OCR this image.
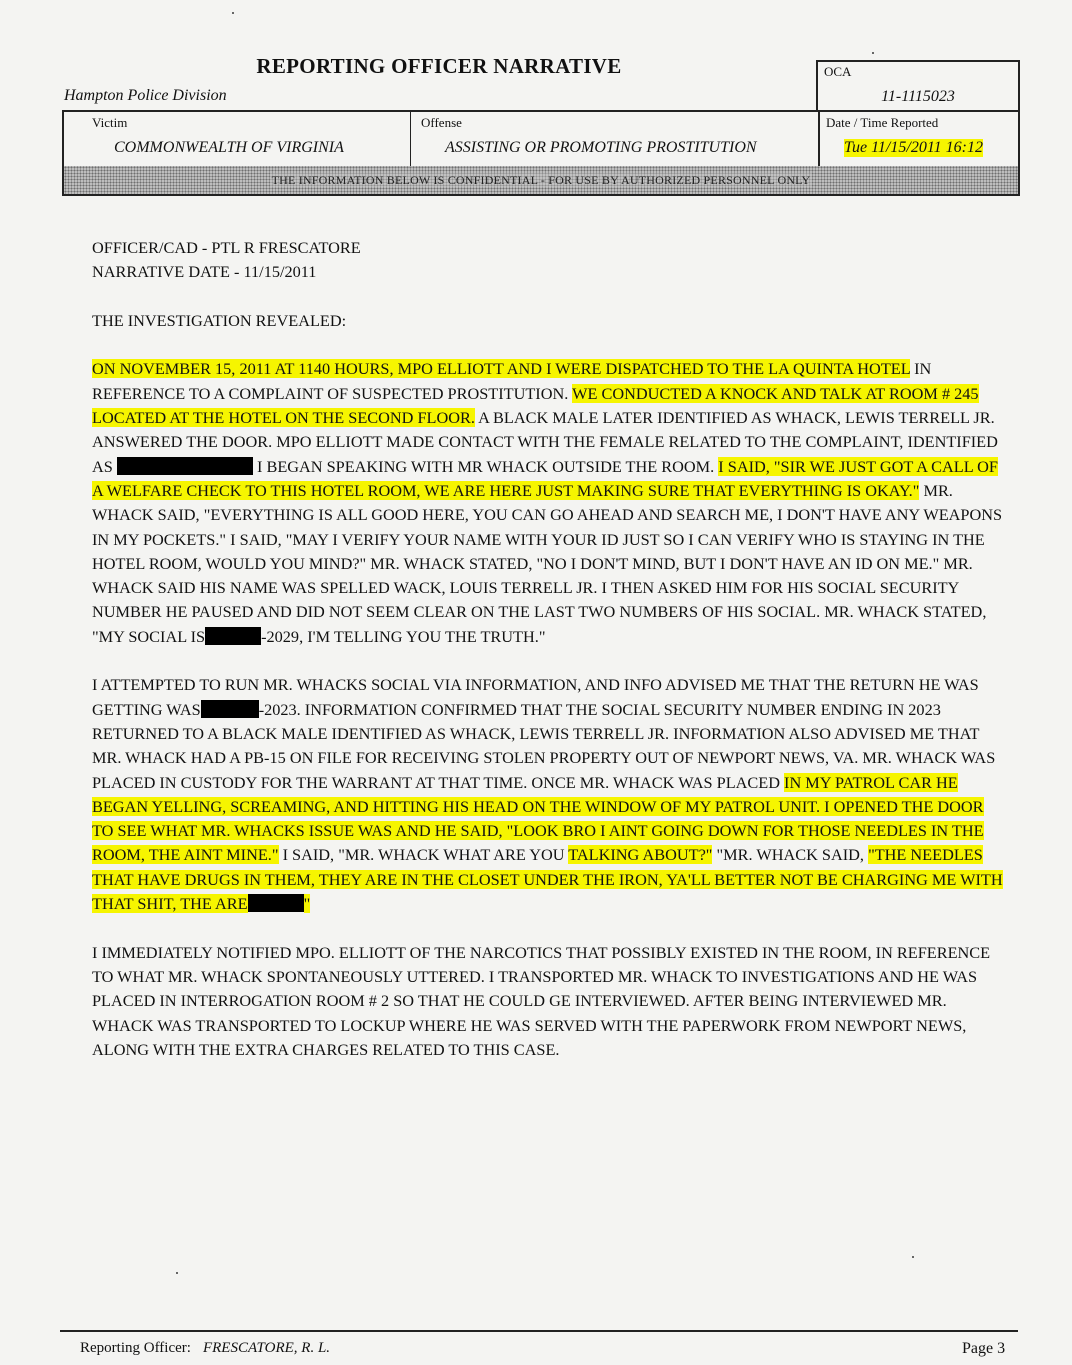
REPORTING OFFICER NARRATIVE
Hampton Police Division
OCA
11-1115023
Victim
COMMONWEALTH OF VIRGINIA
Offense
ASSISTING OR PROMOTING PROSTITUTION
Date / Time Reported
Tue 11/15/2011 16:12
THE INFORMATION BELOW IS CONFIDENTIAL - FOR USE BY AUTHORIZED PERSONNEL ONLY

OFFICER/CAD - PTL R FRESCATORE

NARRATIVE DATE - 11/15/2011

THE INVESTIGATION REVEALED:

ON NOVEMBER 15, 2011 AT 1140 HOURS, MPO ELLIOTT AND I WERE DISPATCHED TO THE LA QUINTA HOTEL IN REFERENCE TO A COMPLAINT OF SUSPECTED PROSTITUTION. WE CONDUCTED A KNOCK AND TALK AT ROOM # 245 LOCATED AT THE HOTEL ON THE SECOND FLOOR. A BLACK MALE LATER IDENTIFIED AS WHACK, LEWIS TERRELL JR. ANSWERED THE DOOR. MPO ELLIOTT MADE CONTACT WITH THE FEMALE RELATED TO THE COMPLAINT, IDENTIFIED AS	I BEGAN SPEAKING WITH MR WHACK OUTSIDE THE ROOM. I SAID, "SIR WE JUST GOT A CALL OF A WELFARE CHECK TO THIS HOTEL ROOM, WE ARE HERE JUST MAKING SURE THAT EVERYTHING IS OKAY." MR. WHACK SAID, "EVERYTHING IS ALL GOOD HERE, YOU CAN GO AHEAD AND SEARCH ME, I DON'T HAVE ANY WEAPONS IN MY POCKETS." I SAID, "MAY I VERIFY YOUR NAME WITH YOUR ID JUST SO I CAN VERIFY WHO IS STAYING IN THE HOTEL ROOM, WOULD YOU MIND?" MR. WHACK STATED, "NO I DON'T MIND, BUT I DON'T HAVE AN ID ON ME." MR. WHACK SAID HIS NAME WAS SPELLED WACK, LOUIS TERRELL JR. I THEN ASKED HIM FOR HIS SOCIAL SECURITY NUMBER HE PAUSED AND DID NOT SEEM CLEAR ON THE LAST TWO NUMBERS OF HIS SOCIAL. MR. WHACK STATED, "MY SOCIAL IS	-2029, I'M TELLING YOU THE TRUTH."

I ATTEMPTED TO RUN MR. WHACKS SOCIAL VIA INFORMATION, AND INFO ADVISED ME THAT THE RETURN HE WAS GETTING WAS	-2023. INFORMATION CONFIRMED THAT THE SOCIAL SECURITY NUMBER ENDING IN 2023 RETURNED TO A BLACK MALE IDENTIFIED AS WHACK, LEWIS TERRELL JR. INFORMATION ALSO ADVISED ME THAT MR. WHACK HAD A PB-15 ON FILE FOR RECEIVING STOLEN PROPERTY OUT OF NEWPORT NEWS, VA. MR. WHACK WAS PLACED IN CUSTODY FOR THE WARRANT AT THAT TIME. ONCE MR. WHACK WAS PLACED IN MY PATROL CAR HE BEGAN YELLING, SCREAMING, AND HITTING HIS HEAD ON THE WINDOW OF MY PATROL UNIT. I OPENED THE DOOR TO SEE WHAT MR. WHACKS ISSUE WAS AND HE SAID, "LOOK BRO I AINT GOING DOWN FOR THOSE NEEDLES IN THE ROOM, THE AINT MINE." I SAID, "MR. WHACK WHAT ARE YOU TALKING ABOUT?" "MR. WHACK SAID, "THE NEEDLES THAT HAVE DRUGS IN THEM, THEY ARE IN THE CLOSET UNDER THE IRON, YA'LL BETTER NOT BE CHARGING ME WITH THAT SHIT, THE ARE	"

I IMMEDIATELY NOTIFIED MPO. ELLIOTT OF THE NARCOTICS THAT POSSIBLY EXISTED IN THE ROOM, IN REFERENCE TO WHAT MR. WHACK SPONTANEOUSLY UTTERED. I TRANSPORTED MR. WHACK TO INVESTIGATIONS AND HE WAS PLACED IN INTERROGATION ROOM # 2 SO THAT HE COULD GE INTERVIEWED. AFTER BEING INTERVIEWED MR. WHACK WAS TRANSPORTED TO LOCKUP WHERE HE WAS SERVED WITH THE PAPERWORK FROM NEWPORT NEWS, ALONG WITH THE EXTRA CHARGES RELATED TO THIS CASE.

Reporting Officer: FRESCATORE, R. L.	Page 3
